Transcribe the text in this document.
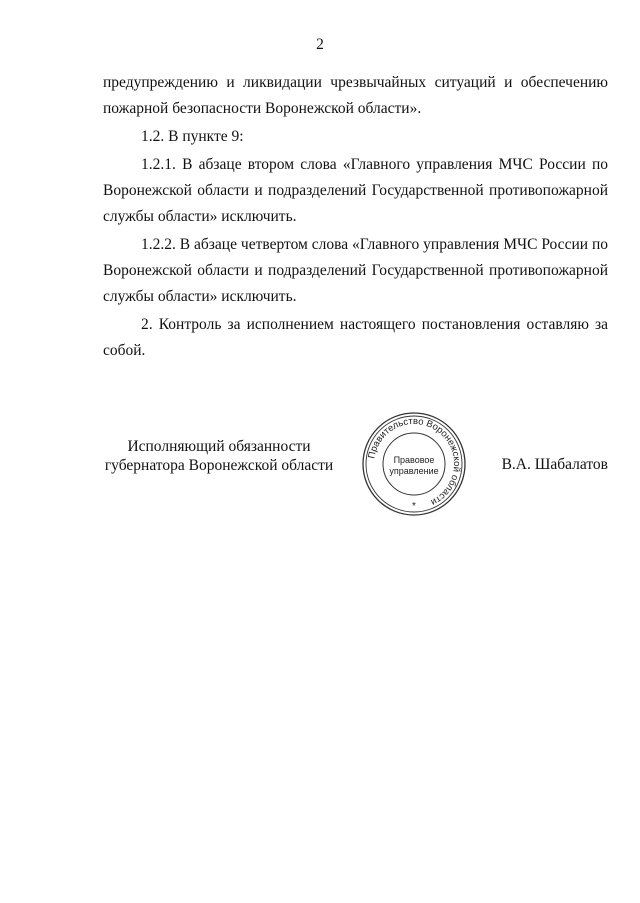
2

предупреждению и ликвидации чрезвычайных ситуаций и обеспечению пожарной безопасности Воронежской области».

1.2. В пункте 9:

1.2.1. В абзаце втором слова «Главного управления МЧС России по Воронежской области и подразделений Государственной противопожарной службы области» исключить.

1.2.2. В абзаце четвертом слова «Главного управления МЧС России по Воронежской области и подразделений Государственной противопожарной службы области» исключить.

2. Контроль за исполнением настоящего постановления оставляю за собой.

Исполняющий обязанности
губернатора Воронежской области
Правительство Воронежской области
Правовое
управление
*
В.А. Шабалатов
